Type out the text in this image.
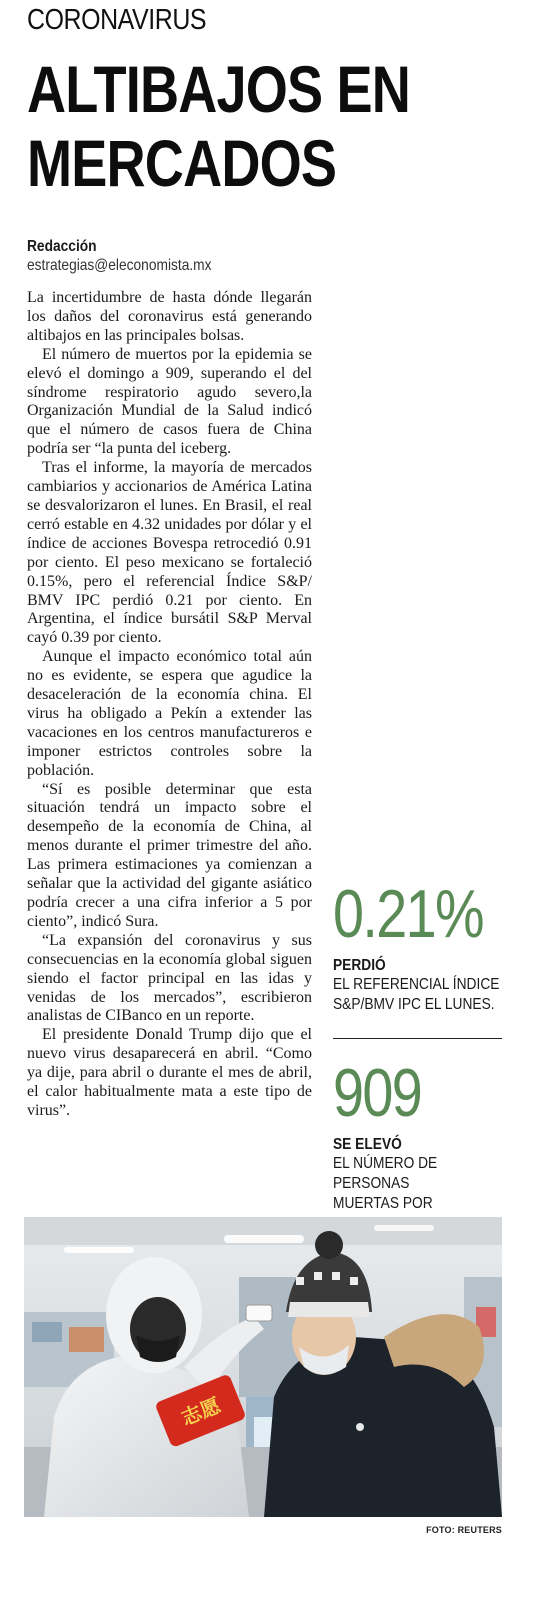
CORONAVIRUS
ALTIBAJOS EN
MERCADOS
Redacción
estrategias@eleconomista.mx

La incertidumbre de hasta dónde llegarán los daños del coronavirus está generando altibajos en las principales bolsas.

El número de muertos por la epidemia se elevó el domingo a 909, superando el del síndrome respiratorio agudo severo,la Organización Mundial de la Salud indicó que el número de casos fuera de China podría ser “la punta del iceberg.

Tras el informe, la mayoría de mercados cambiarios y accionarios de América Latina se desvalorizaron el lunes. En Brasil, el real cerró estable en 4.32 unidades por dólar y el índice de acciones Bovespa retrocedió 0.91 por ciento. El peso mexicano se fortaleció 0.15%, pero el referencial Índice S&P/ BMV IPC perdió 0.21 por ciento. En Argentina, el índice bursátil S&P Merval cayó 0.39 por ciento.

Aunque el impacto económico total aún no es evidente, se espera que agudice la desaceleración de la economía china. El virus ha obligado a Pekín a extender las vacaciones en los centros manufactureros e imponer estrictos controles sobre la población.

“Sí es posible determinar que esta situación tendrá un impacto sobre el desempeño de la economía de China, al menos durante el primer trimestre del año. Las primera estimaciones ya comienzan a señalar que la actividad del gigante asiático podría crecer a una cifra inferior a 5 por ciento”, indicó Sura.

“La expansión del coronavirus y sus consecuencias en la economía global siguen siendo el factor principal en las idas y venidas de los mercados”, escribieron analistas de CIBanco en un reporte.

El presidente Donald Trump dijo que el nuevo virus desaparecerá en abril. “Como ya dije, para abril o durante el mes de abril, el calor habitualmente mata a este tipo de virus”.

0.21%
PERDIÓ
EL REFERENCIAL ÍNDICE
S&P/BMV IPC EL LUNES.
909
SE ELEVÓ
EL NÚMERO DE PERSONAS
MUERTAS POR
志愿
FOTO: REUTERS
